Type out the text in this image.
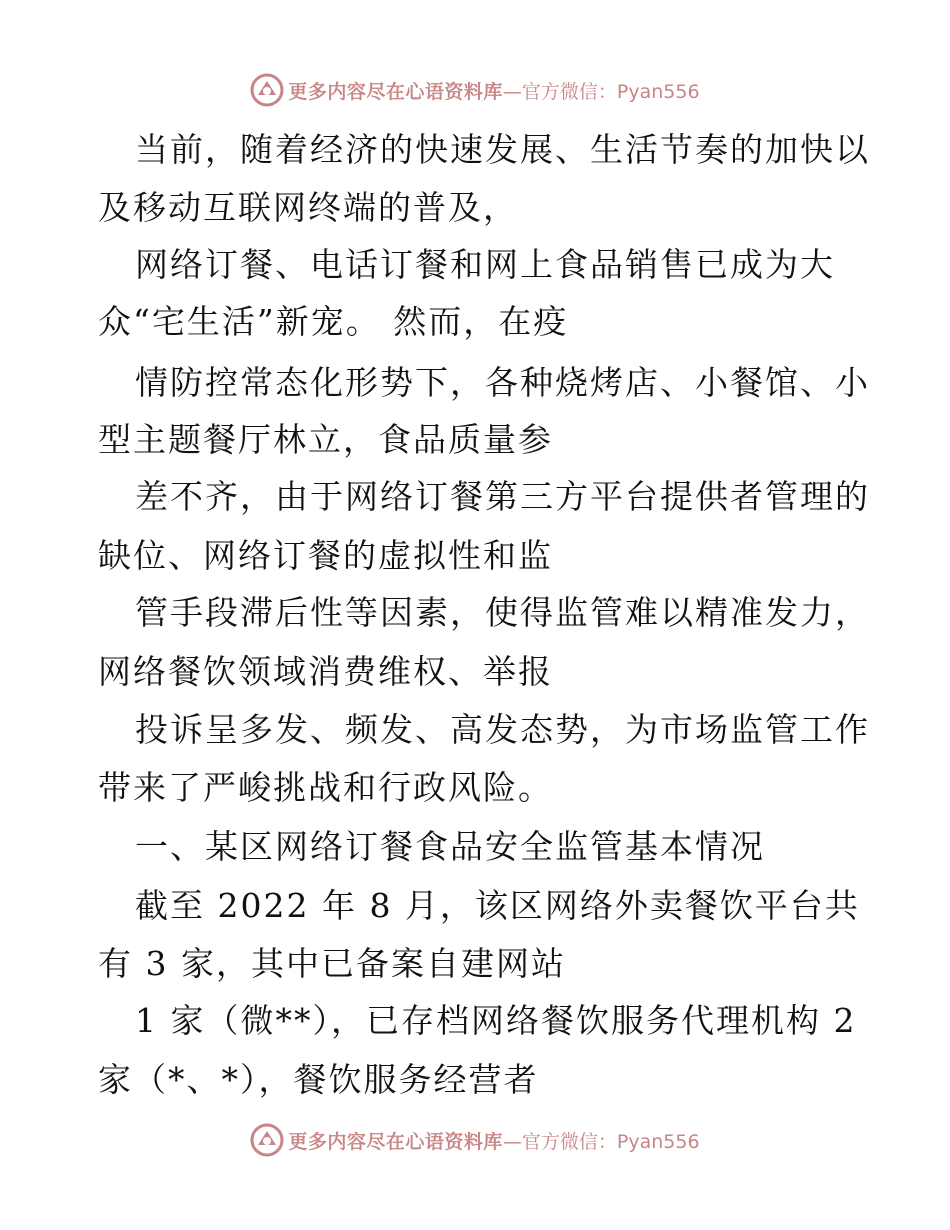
更多内容尽在心语资料库 —官方微信：Pyan556
当前，随着经济的快速发展、生活节奏的加快以
及移动互联网终端的普及，
网络订餐、电话订餐和网上食品销售已成为大
众“宅生活”新宠。 然而，在疫
情防控常态化形势下，各种烧烤店、小餐馆、小
型主题餐厅林立，食品质量参
差不齐，由于网络订餐第三方平台提供者管理的
缺位、网络订餐的虚拟性和监
管手段滞后性等因素，使得监管难以精准发力，
网络餐饮领域消费维权、举报
投诉呈多发、频发、高发态势，为市场监管工作
带来了严峻挑战和行政风险。
一、某区网络订餐食品安全监管基本情况
截至 2022 年 8 月，该区网络外卖餐饮平台共
有 3 家，其中已备案自建网站
1 家（微**），已存档网络餐饮服务代理机构 2
家（*、*），餐饮服务经营者
更多内容尽在心语资料库 —官方微信：Pyan556
